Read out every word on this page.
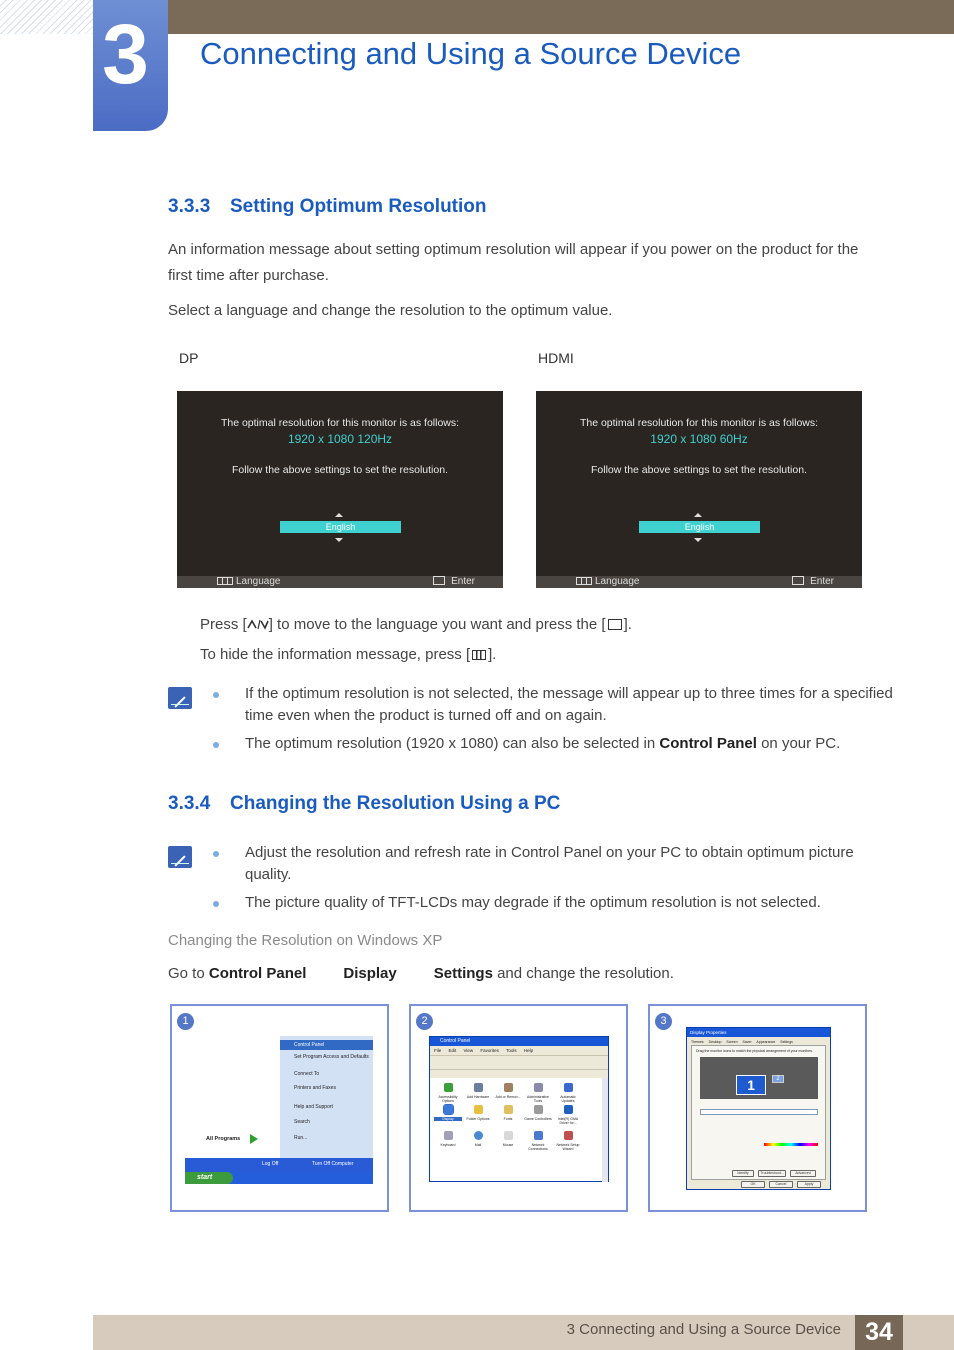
3 Connecting and Using a Source Device
3.3.3 Setting Optimum Resolution
An information message about setting optimum resolution will appear if you power on the product for the
first time after purchase.
Select a language and change the resolution to the optimum value.
DP	HDMI
The optimal resolution for this monitor is as follows:
1920 x 1080 120Hz
Follow the above settings to set the resolution.
English
Language	Enter
The optimal resolution for this monitor is as follows:
1920 x 1080 60Hz
Follow the above settings to set the resolution.
English
Language	Enter
Press [ ] to move to the language you want and press the [ ].
To hide the information message, press [ ].
If the optimum resolution is not selected, the message will appear up to three times for a specified
time even when the product is turned off and on again.
The optimum resolution (1920 x 1080) can also be selected in Control Panel on your PC.
3.3.4 Changing the Resolution Using a PC
Adjust the resolution and refresh rate in Control Panel on your PC to obtain optimum picture
quality.
The picture quality of TFT-LCDs may degrade if the optimum resolution is not selected.
Changing the Resolution on Windows XP
Go to Control Panel Display Settings and change the resolution.
1
Control Panel
Set Program Access and Defaults
Connect To
Printers and Faxes
Help and Support
Search
Run...
All Programs
Log Off	Turn Off Computer
start
2
Control Panel
File Edit View Favorites Tools Help
Accessibility Options
Add Hardware	Add or Remov...	Administrative Tools
Automatic Updates
Display	Folder Options	Fonts	Game Controllers	Intel(R) GMA Driver for...
Keyboard	Mail	Mouse	Network Connections
Network Setup Wizard
3
Display Properties
Themes Desktop Screen Saver Appearance Settings
Drag the monitor icons to match the physical arrangement of your monitors.
1	2
Identify	Troubleshoot...	Advanced
OK	Cancel	Apply
3 Connecting and Using a Source Device 34
